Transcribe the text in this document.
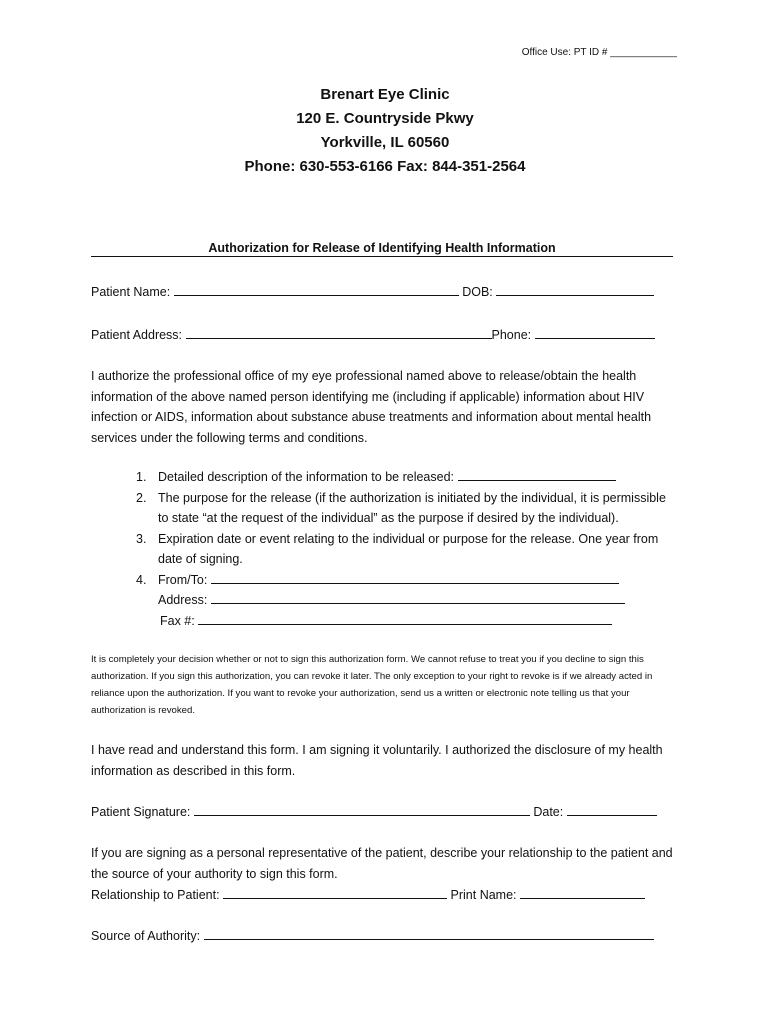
Office Use: PT ID # ____________
Brenart Eye Clinic
120 E. Countryside Pkwy
Yorkville, IL 60560
Phone: 630-553-6166 Fax: 844-351-2564
Authorization for Release of Identifying Health Information
Patient Name:	DOB:
Patient Address:	Phone:
I authorize the professional office of my eye professional named above to release/obtain the health information of the above named person identifying me (including if applicable) information about HIV infection or AIDS, information about substance abuse treatments and information about mental health services under the following terms and conditions.
1. Detailed description of the information to be released:
2. The purpose for the release (if the authorization is initiated by the individual, it is permissible to state “at the request of the individual” as the purpose if desired by the individual).
3. Expiration date or event relating to the individual or purpose for the release. One year from date of signing.
4. From/To:
Address:
Fax #:
It is completely your decision whether or not to sign this authorization form. We cannot refuse to treat you if you decline to sign this authorization. If you sign this authorization, you can revoke it later. The only exception to your right to revoke is if we already acted in reliance upon the authorization. If you want to revoke your authorization, send us a written or electronic note telling us that your authorization is revoked.
I have read and understand this form. I am signing it voluntarily. I authorized the disclosure of my health information as described in this form.
Patient Signature:	Date:
If you are signing as a personal representative of the patient, describe your relationship to the patient and the source of your authority to sign this form.
Relationship to Patient:	Print Name:
Source of Authority:
